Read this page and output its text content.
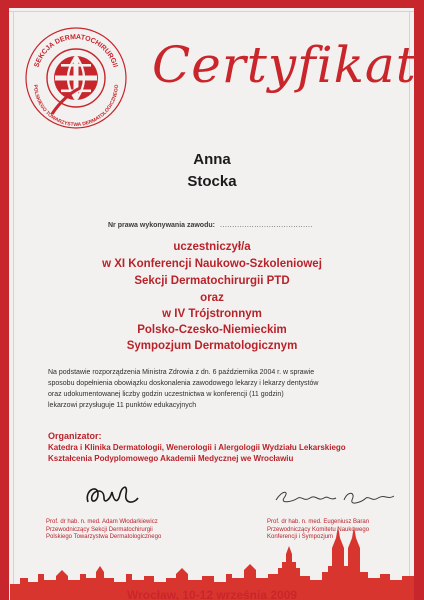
SEKCJA DERMATOCHIRURGII
POLSKIEGO TOWARZYSTWA DERMATOLOGICZNEGO Certyfikat
Anna
Stocka
Nr prawa wykonywania zawodu: ......................................
uczestniczył/a
w XI Konferencji Naukowo-Szkoleniowej
Sekcji Dermatochirurgii PTD
oraz
w IV Trójstronnym
Polsko-Czesko-Niemieckim
Sympozjum Dermatologicznym
Na podstawie rozporządzenia Ministra Zdrowia z dn. 6 października 2004 r. w sprawie
sposobu dopełnienia obowiązku doskonalenia zawodowego lekarzy i lekarzy dentystów
oraz udokumentowanej liczby godzin uczestnictwa w konferencji (11 godzin)
lekarzowi przysługuje 11 punktów edukacyjnych
Organizator:
Katedra i Klinika Dermatologii, Wenerologii i Alergologii Wydziału Lekarskiego
Kształcenia Podyplomowego Akademii Medycznej we Wrocławiu
Prof. dr hab. n. med. Adam Włodarkiewicz
Przewodniczący Sekcji Dermatochirurgii
Polskiego Towarzystwa Dermatologicznego
Prof. dr hab. n. med. Eugeniusz Baran
Przewodniczący Komitetu Naukowego
Konferencji i Sympozjum
Wrocław, 10-12 września 2009
